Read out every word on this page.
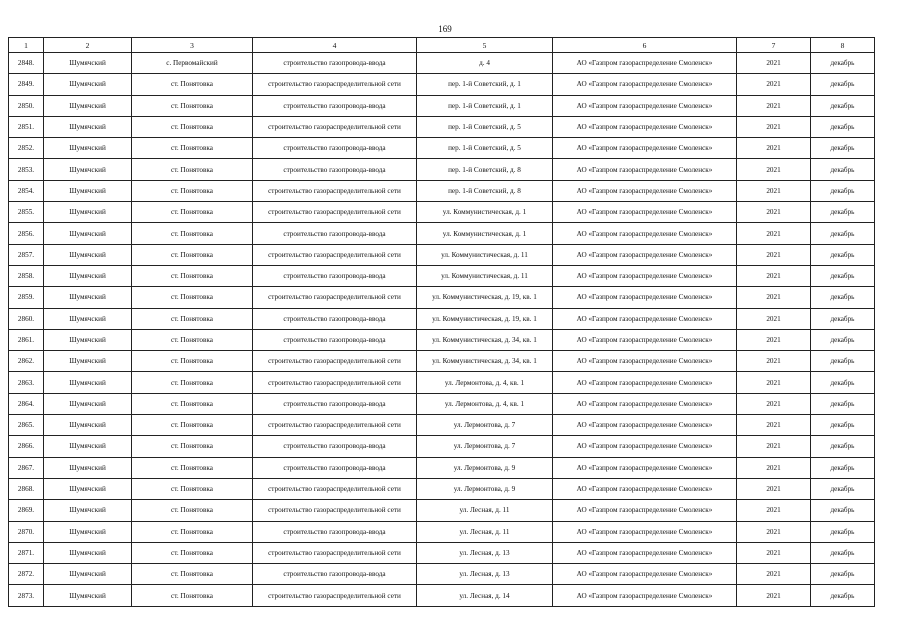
169
1	2	3	4	5	6	7	8
2848.	Шумячский	с. Первомайский	строительство газопровода-ввода	д. 4	АО «Газпром газораспределение Смоленск»	2021	декабрь
2849.	Шумячский	ст. Понятовка	строительство газораспределительной сети	пер. 1-й Советский, д. 1	АО «Газпром газораспределение Смоленск»	2021	декабрь
2850.	Шумячский	ст. Понятовка	строительство газопровода-ввода	пер. 1-й Советский, д. 1	АО «Газпром газораспределение Смоленск»	2021	декабрь
2851.	Шумячский	ст. Понятовка	строительство газораспределительной сети	пер. 1-й Советский, д. 5	АО «Газпром газораспределение Смоленск»	2021	декабрь
2852.	Шумячский	ст. Понятовка	строительство газопровода-ввода	пер. 1-й Советский, д. 5	АО «Газпром газораспределение Смоленск»	2021	декабрь
2853.	Шумячский	ст. Понятовка	строительство газопровода-ввода	пер. 1-й Советский, д. 8	АО «Газпром газораспределение Смоленск»	2021	декабрь
2854.	Шумячский	ст. Понятовка	строительство газораспределительной сети	пер. 1-й Советский, д. 8	АО «Газпром газораспределение Смоленск»	2021	декабрь
2855.	Шумячский	ст. Понятовка	строительство газораспределительной сети	ул. Коммунистическая, д. 1	АО «Газпром газораспределение Смоленск»	2021	декабрь
2856.	Шумячский	ст. Понятовка	строительство газопровода-ввода	ул. Коммунистическая, д. 1	АО «Газпром газораспределение Смоленск»	2021	декабрь
2857.	Шумячский	ст. Понятовка	строительство газораспределительной сети	ул. Коммунистическая, д. 11	АО «Газпром газораспределение Смоленск»	2021	декабрь
2858.	Шумячский	ст. Понятовка	строительство газопровода-ввода	ул. Коммунистическая, д. 11	АО «Газпром газораспределение Смоленск»	2021	декабрь
2859.	Шумячский	ст. Понятовка	строительство газораспределительной сети	ул. Коммунистическая, д. 19, кв. 1	АО «Газпром газораспределение Смоленск»	2021	декабрь
2860.	Шумячский	ст. Понятовка	строительство газопровода-ввода	ул. Коммунистическая, д. 19, кв. 1	АО «Газпром газораспределение Смоленск»	2021	декабрь
2861.	Шумячский	ст. Понятовка	строительство газопровода-ввода	ул. Коммунистическая, д. 34, кв. 1	АО «Газпром газораспределение Смоленск»	2021	декабрь
2862.	Шумячский	ст. Понятовка	строительство газораспределительной сети	ул. Коммунистическая, д. 34, кв. 1	АО «Газпром газораспределение Смоленск»	2021	декабрь
2863.	Шумячский	ст. Понятовка	строительство газораспределительной сети	ул. Лермонтова, д. 4, кв. 1	АО «Газпром газораспределение Смоленск»	2021	декабрь
2864.	Шумячский	ст. Понятовка	строительство газопровода-ввода	ул. Лермонтова, д. 4, кв. 1	АО «Газпром газораспределение Смоленск»	2021	декабрь
2865.	Шумячский	ст. Понятовка	строительство газораспределительной сети	ул. Лермонтова, д. 7	АО «Газпром газораспределение Смоленск»	2021	декабрь
2866.	Шумячский	ст. Понятовка	строительство газопровода-ввода	ул. Лермонтова, д. 7	АО «Газпром газораспределение Смоленск»	2021	декабрь
2867.	Шумячский	ст. Понятовка	строительство газопровода-ввода	ул. Лермонтова, д. 9	АО «Газпром газораспределение Смоленск»	2021	декабрь
2868.	Шумячский	ст. Понятовка	строительство газораспределительной сети	ул. Лермонтова, д. 9	АО «Газпром газораспределение Смоленск»	2021	декабрь
2869.	Шумячский	ст. Понятовка	строительство газораспределительной сети	ул. Лесная, д. 11	АО «Газпром газораспределение Смоленск»	2021	декабрь
2870.	Шумячский	ст. Понятовка	строительство газопровода-ввода	ул. Лесная, д. 11	АО «Газпром газораспределение Смоленск»	2021	декабрь
2871.	Шумячский	ст. Понятовка	строительство газораспределительной сети	ул. Лесная, д. 13	АО «Газпром газораспределение Смоленск»	2021	декабрь
2872.	Шумячский	ст. Понятовка	строительство газопровода-ввода	ул. Лесная, д. 13	АО «Газпром газораспределение Смоленск»	2021	декабрь
2873.	Шумячский	ст. Понятовка	строительство газораспределительной сети	ул. Лесная, д. 14	АО «Газпром газораспределение Смоленск»	2021	декабрь
